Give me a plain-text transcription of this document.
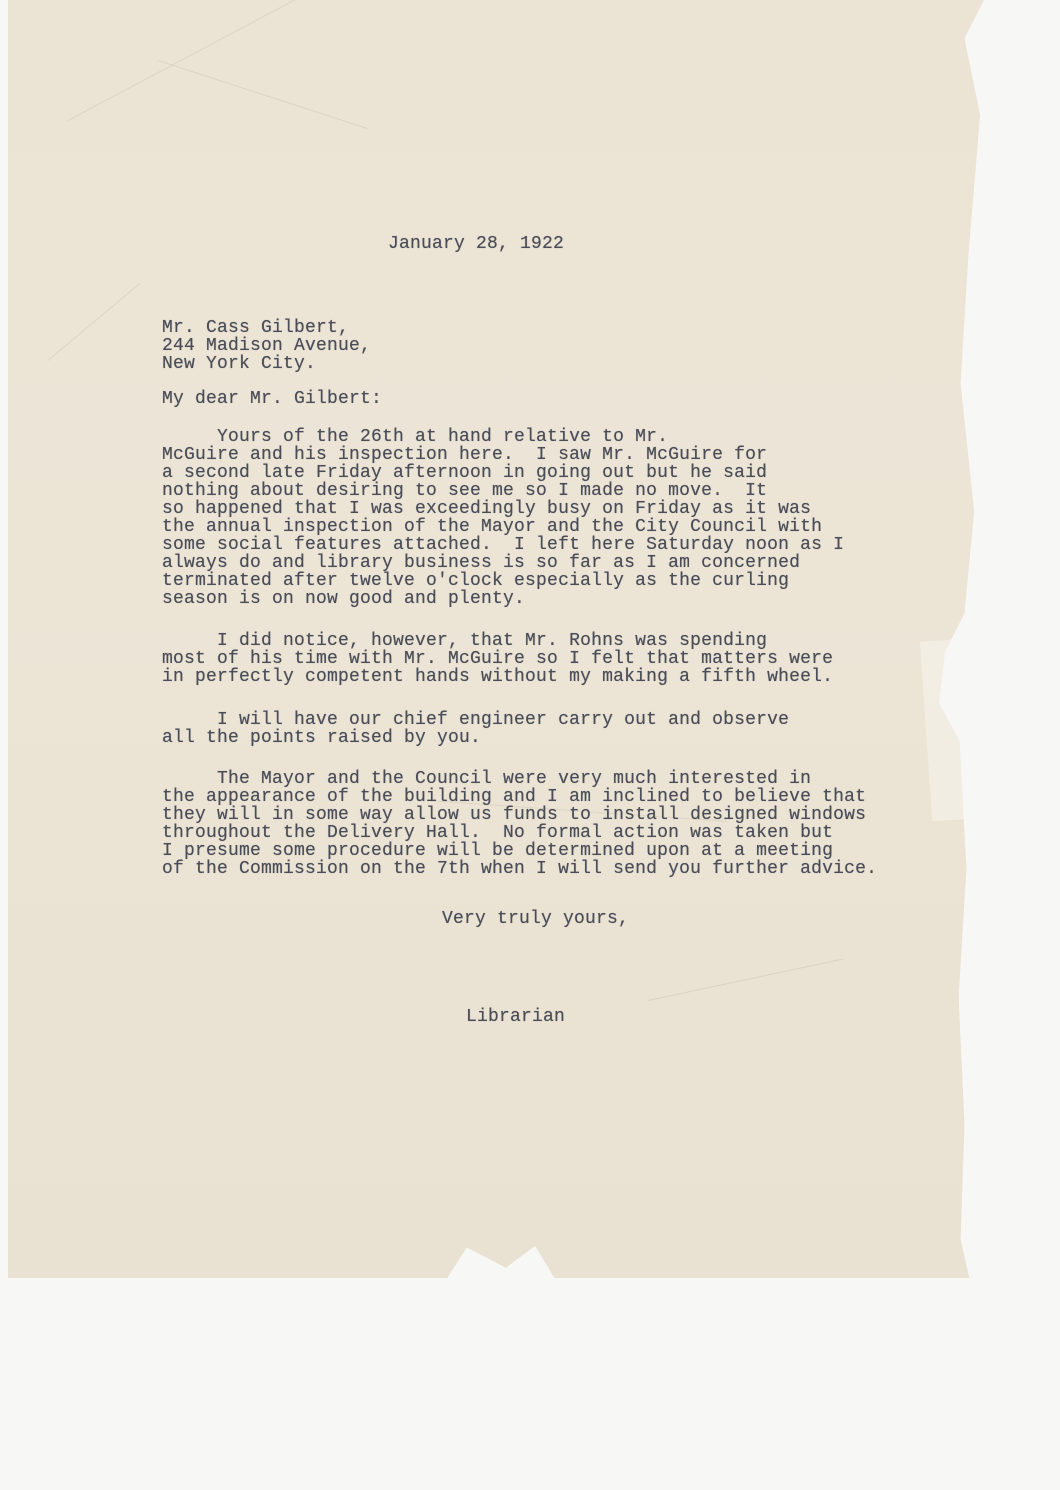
January 28, 1922
Mr. Cass Gilbert,
244 Madison Avenue,
New York City.
My dear Mr. Gilbert:
Yours of the 26th at hand relative to Mr.
McGuire and his inspection here.  I saw Mr. McGuire for
a second late Friday afternoon in going out but he said
nothing about desiring to see me so I made no move.  It
so happened that I was exceedingly busy on Friday as it was
the annual inspection of the Mayor and the City Council with
some social features attached.  I left here Saturday noon as I
always do and library business is so far as I am concerned
terminated after twelve o'clock especially as the curling
season is on now good and plenty.
I did notice, however, that Mr. Rohns was spending
most of his time with Mr. McGuire so I felt that matters were
in perfectly competent hands without my making a fifth wheel.
I will have our chief engineer carry out and observe
all the points raised by you.
The Mayor and the Council were very much interested in
the appearance of the building and I am inclined to believe that
they will in some way allow us funds to install designed windows
throughout the Delivery Hall.  No formal action was taken but
I presume some procedure will be determined upon at a meeting
of the Commission on the 7th when I will send you further advice.
Very truly yours,
Librarian
